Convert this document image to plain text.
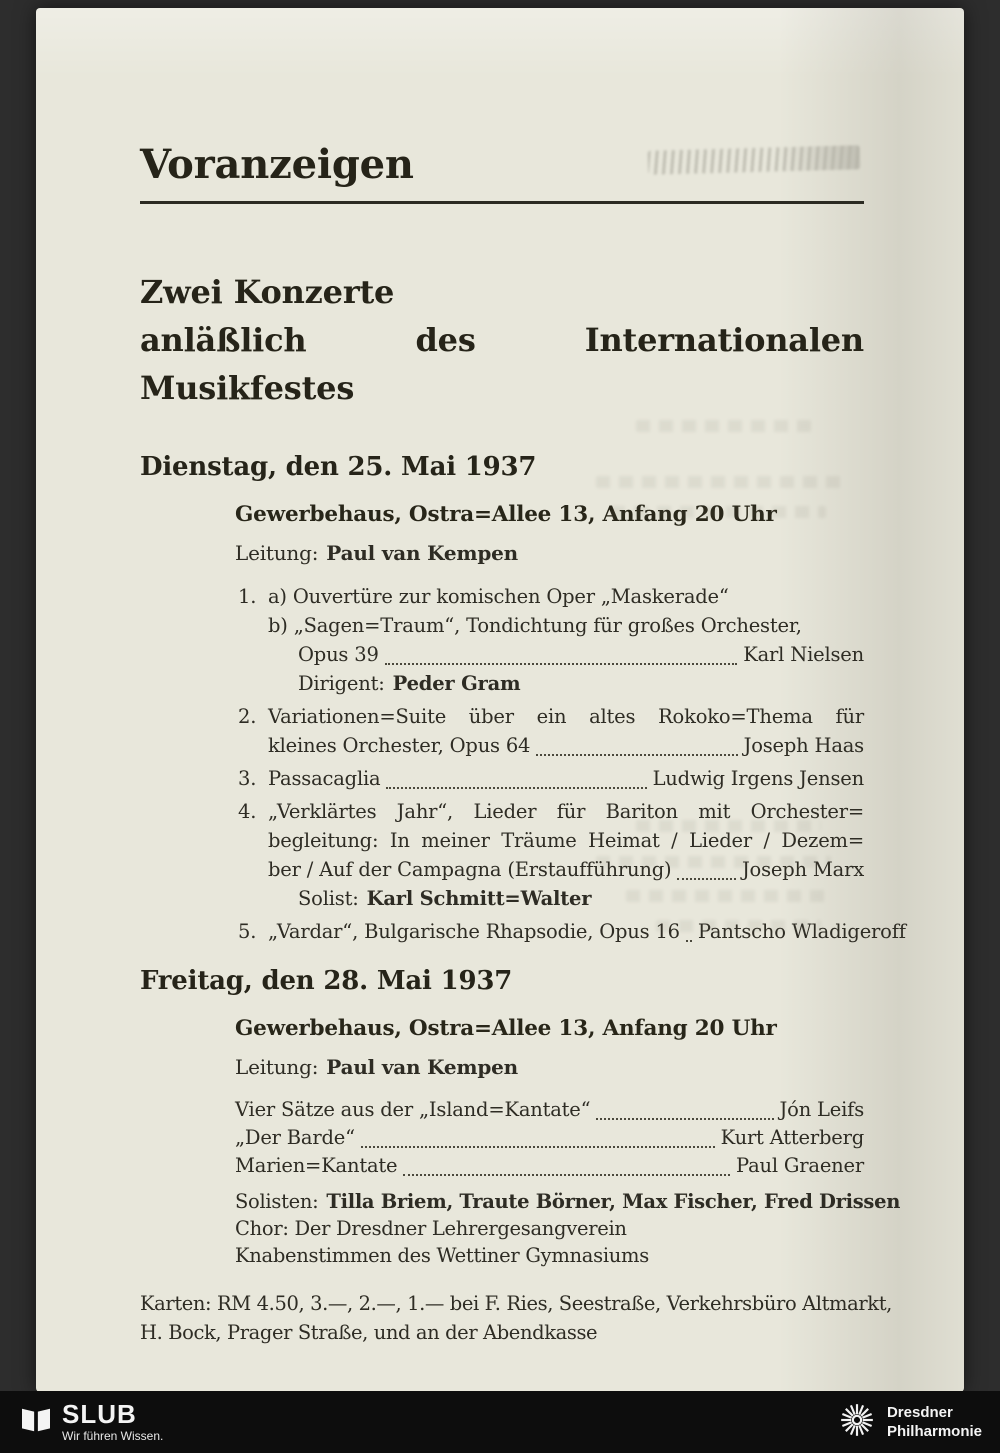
Voranzeigen
Zwei Konzerte

anläßlich des Internationalen Musikfestes
Dienstag, den 25. Mai 1937
Gewerbehaus, Ostra=Allee 13, Anfang 20 Uhr
Leitung: Paul van Kempen
1. a) Ouvertüre zur komischen Oper „Maskerade“
b) „Sagen=Traum“, Tondichtung für großes Orchester,
Opus 39	Karl Nielsen
Dirigent: Peder Gram
2. Variationen=Suite über ein altes Rokoko=Thema für
kleines Orchester, Opus 64	Joseph Haas
3. Passacaglia	Ludwig Irgens Jensen
4. „Verklärtes Jahr“, Lieder für Bariton mit Orchester=
begleitung: In meiner Träume Heimat / Lieder / Dezem=
ber / Auf der Campagna (Erstaufführung)	Joseph Marx
Solist: Karl Schmitt=Walter
5. „Vardar“, Bulgarische Rhapsodie, Opus 16 Pantscho Wladigeroff
Freitag, den 28. Mai 1937
Gewerbehaus, Ostra=Allee 13, Anfang 20 Uhr
Leitung: Paul van Kempen
Vier Sätze aus der „Island=Kantate“	Jón Leifs
„Der Barde“	Kurt Atterberg
Marien=Kantate	Paul Graener
Solisten: Tilla Briem, Traute Börner, Max Fischer, Fred Drissen
Chor: Der Dresdner Lehrergesangverein
Knabenstimmen des Wettiner Gymnasiums
Karten: RM 4.50, 3.—, 2.—, 1.— bei F. Ries, Seestraße, Verkehrsbüro Altmarkt,
H. Bock, Prager Straße, und an der Abendkasse
SLUB
Wir führen Wissen.
Dresdner
Philharmonie
